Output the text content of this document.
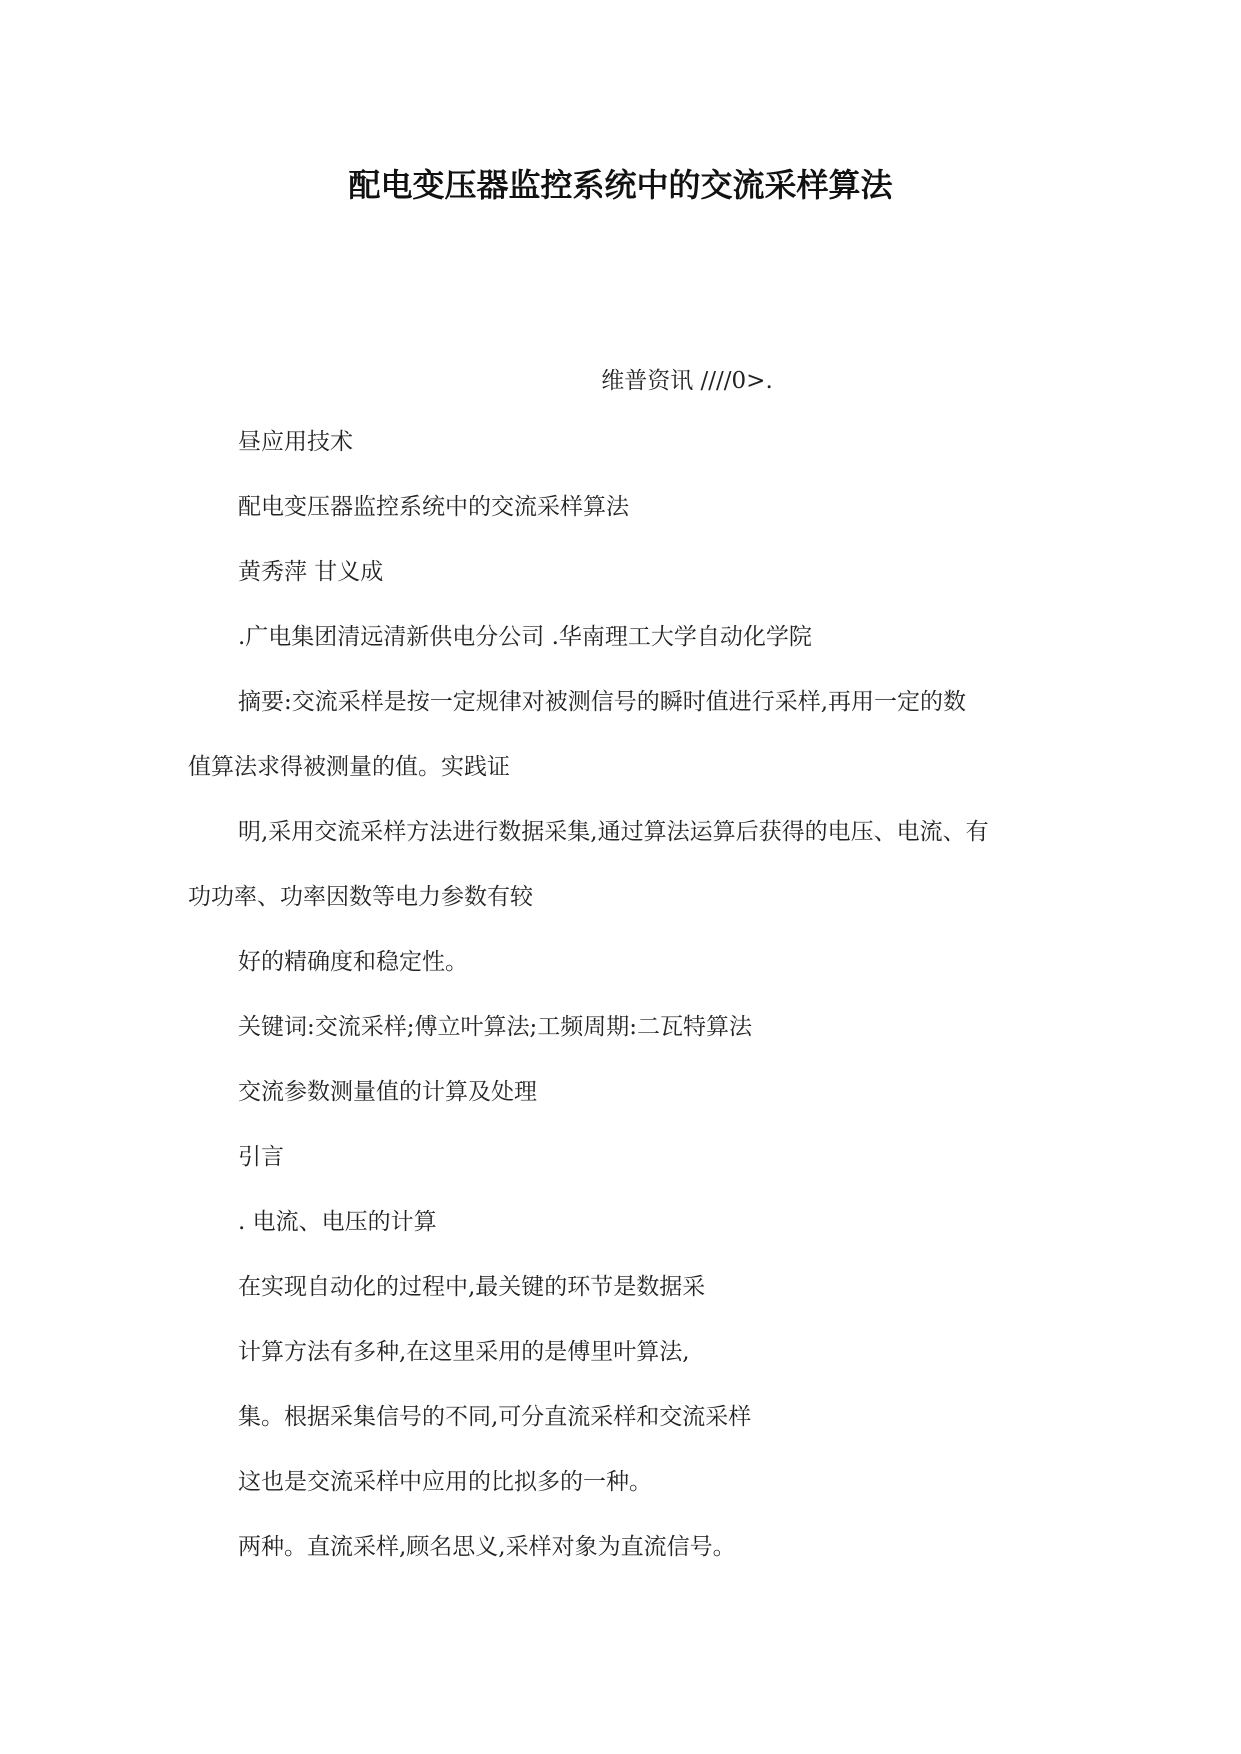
配电变压器监控系统中的交流采样算法
维普资讯 ////0>.
昼应用技术
配电变压器监控系统中的交流采样算法
黄秀萍 甘义成
.广电集团清远清新供电分公司 .华南理工大学自动化学院
摘要:交流采样是按一定规律对被测信号的瞬时值进行采样,再用一定的数
值算法求得被测量的值。实践证
明,采用交流采样方法进行数据采集,通过算法运算后获得的电压、电流、有
功功率、功率因数等电力参数有较
好的精确度和稳定性。
关键词:交流采样;傅立叶算法;工频周期:二瓦特算法
交流参数测量值的计算及处理
引言
. 电流、电压的计算
在实现自动化的过程中,最关键的环节是数据采
计算方法有多种,在这里采用的是傅里叶算法,
集。根据采集信号的不同,可分直流采样和交流采样
这也是交流采样中应用的比拟多的一种。
两种。直流采样,顾名思义,采样对象为直流信号。
